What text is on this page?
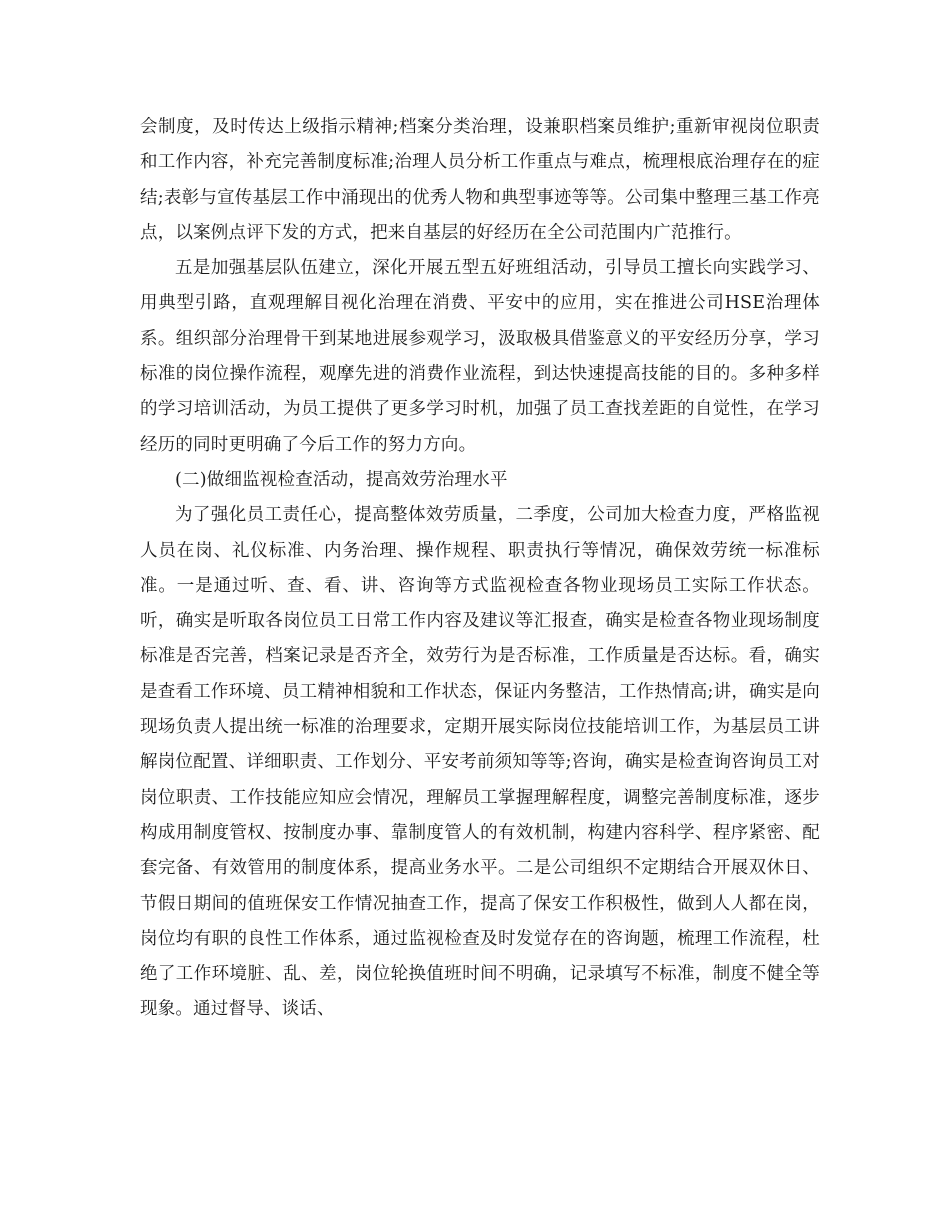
会制度，及时传达上级指示精神;档案分类治理，设兼职档案员维护;重新审视岗位职责和工作内容，补充完善制度标准;治理人员分析工作重点与难点，梳理根底治理存在的症结;表彰与宣传基层工作中涌现出的优秀人物和典型事迹等等。公司集中整理三基工作亮点，以案例点评下发的方式，把来自基层的好经历在全公司范围内广范推行。

五是加强基层队伍建立，深化开展五型五好班组活动，引导员工擅长向实践学习、用典型引路，直观理解目视化治理在消费、平安中的应用，实在推进公司HSE治理体系。组织部分治理骨干到某地进展参观学习，汲取极具借鉴意义的平安经历分享，学习标准的岗位操作流程，观摩先进的消费作业流程，到达快速提高技能的目的。多种多样的学习培训活动，为员工提供了更多学习时机，加强了员工查找差距的自觉性，在学习经历的同时更明确了今后工作的努力方向。

(二)做细监视检查活动，提高效劳治理水平

为了强化员工责任心，提高整体效劳质量，二季度，公司加大检查力度，严格监视人员在岗、礼仪标准、内务治理、操作规程、职责执行等情况，确保效劳统一标准标准。一是通过听、查、看、讲、咨询等方式监视检查各物业现场员工实际工作状态。听，确实是听取各岗位员工日常工作内容及建议等汇报查，确实是检查各物业现场制度标准是否完善，档案记录是否齐全，效劳行为是否标准，工作质量是否达标。看，确实是查看工作环境、员工精神相貌和工作状态，保证内务整洁，工作热情高;讲，确实是向现场负责人提出统一标准的治理要求，定期开展实际岗位技能培训工作，为基层员工讲解岗位配置、详细职责、工作划分、平安考前须知等等;咨询，确实是检查询咨询员工对岗位职责、工作技能应知应会情况，理解员工掌握理解程度，调整完善制度标准，逐步构成用制度管权、按制度办事、靠制度管人的有效机制，构建内容科学、程序紧密、配套完备、有效管用的制度体系，提高业务水平。二是公司组织不定期结合开展双休日、节假日期间的值班保安工作情况抽查工作，提高了保安工作积极性，做到人人都在岗，岗位均有职的良性工作体系，通过监视检查及时发觉存在的咨询题，梳理工作流程，杜绝了工作环境脏、乱、差，岗位轮换值班时间不明确，记录填写不标准，制度不健全等现象。通过督导、谈话、
